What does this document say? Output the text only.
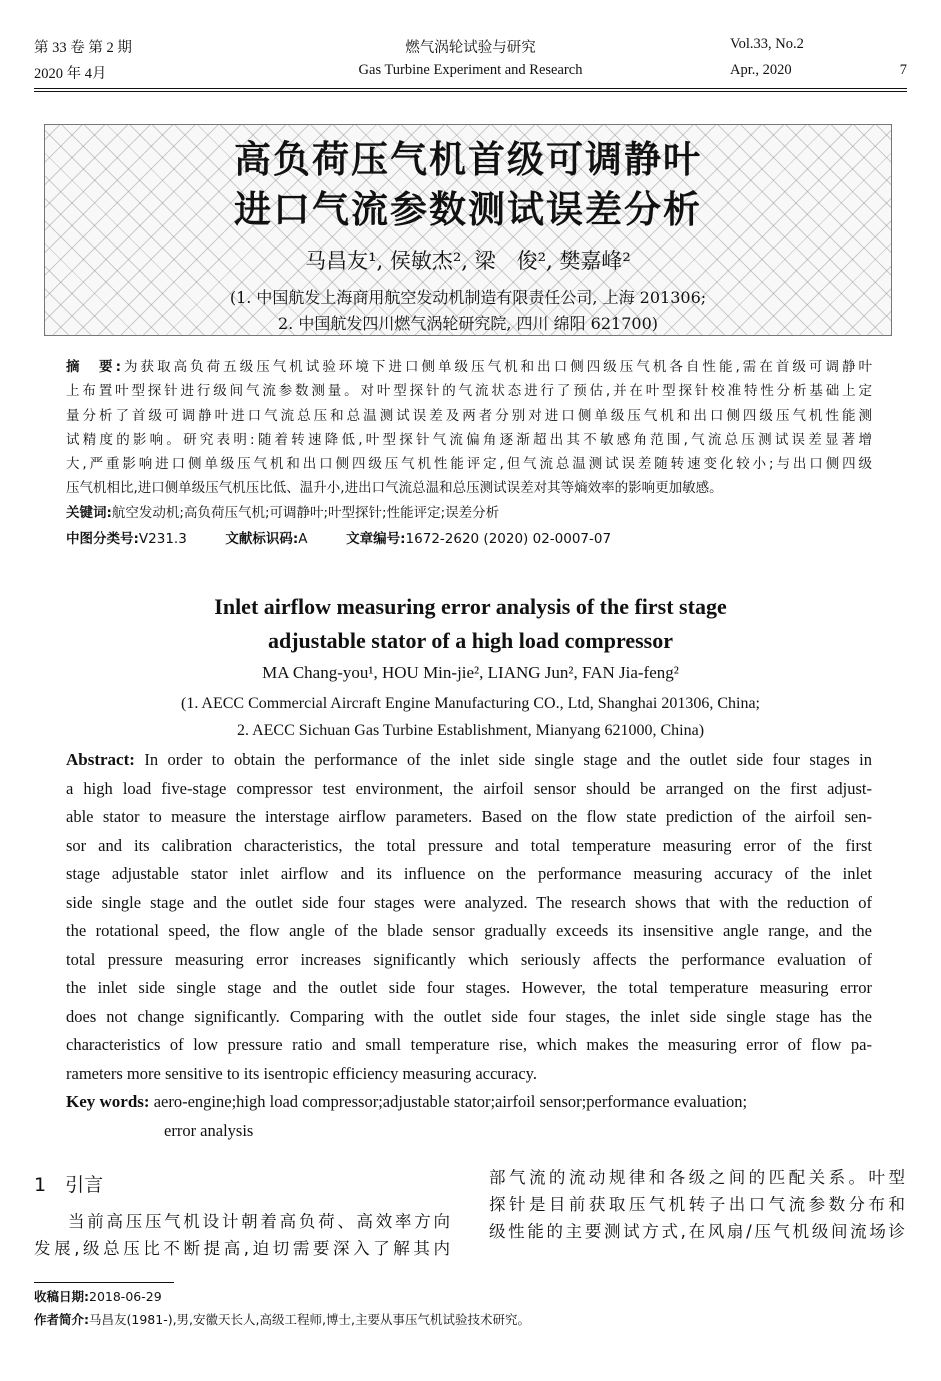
第 33 卷 第 2 期	燃气涡轮试验与研究	Vol.33, No.2
2020 年 4月	Gas Turbine Experiment and Research	Apr., 2020	7
高负荷压气机首级可调静叶
进口气流参数测试误差分析
马昌友¹, 侯敏杰², 梁　俊², 樊嘉峰²
(1. 中国航发上海商用航空发动机制造有限责任公司, 上海 201306;
2. 中国航发四川燃气涡轮研究院, 四川 绵阳 621700)
摘　要:为获取高负荷五级压气机试验环境下进口侧单级压气机和出口侧四级压气机各自性能,需在首级可调静叶
上布置叶型探针进行级间气流参数测量。对叶型探针的气流状态进行了预估,并在叶型探针校准特性分析基础上定
量分析了首级可调静叶进口气流总压和总温测试误差及两者分别对进口侧单级压气机和出口侧四级压气机性能测
试精度的影响。研究表明:随着转速降低,叶型探针气流偏角逐渐超出其不敏感角范围,气流总压测试误差显著增
大,严重影响进口侧单级压气机和出口侧四级压气机性能评定,但气流总温测试误差随转速变化较小;与出口侧四级
压气机相比,进口侧单级压气机压比低、温升小,进出口气流总温和总压测试误差对其等熵效率的影响更加敏感。
关键词:航空发动机;高负荷压气机;可调静叶;叶型探针;性能评定;误差分析
中图分类号:V231.3	文献标识码:A	文章编号:1672-2620 (2020) 02-0007-07
Inlet airflow measuring error analysis of the first stage
adjustable stator of a high load compressor
MA Chang-you¹, HOU Min-jie², LIANG Jun², FAN Jia-feng²
(1. AECC Commercial Aircraft Engine Manufacturing CO., Ltd, Shanghai 201306, China;
2. AECC Sichuan Gas Turbine Establishment, Mianyang 621000, China)
Abstract: In order to obtain the performance of the inlet side single stage and the outlet side four stages in
a high load five-stage compressor test environment, the airfoil sensor should be arranged on the first adjust-
able stator to measure the interstage airflow parameters. Based on the flow state prediction of the airfoil sen-
sor and its calibration characteristics, the total pressure and total temperature measuring error of the first
stage adjustable stator inlet airflow and its influence on the performance measuring accuracy of the inlet
side single stage and the outlet side four stages were analyzed. The research shows that with the reduction of
the rotational speed, the flow angle of the blade sensor gradually exceeds its insensitive angle range, and the
total pressure measuring error increases significantly which seriously affects the performance evaluation of
the inlet side single stage and the outlet side four stages. However, the total temperature measuring error
does not change significantly. Comparing with the outlet side four stages, the inlet side single stage has the
characteristics of low pressure ratio and small temperature rise, which makes the measuring error of flow pa-
rameters more sensitive to its isentropic efficiency measuring accuracy.
Key words: aero-engine;high load compressor;adjustable stator;airfoil sensor;performance evaluation;
error analysis
1　引言
当前高压压气机设计朝着高负荷、高效率方向
发展,级总压比不断提高,迫切需要深入了解其内
部气流的流动规律和各级之间的匹配关系。叶型
探针是目前获取压气机转子出口气流参数分布和
级性能的主要测试方式,在风扇/压气机级间流场诊
收稿日期:2018-06-29
作者简介:马昌友(1981-),男,安徽天长人,高级工程师,博士,主要从事压气机试验技术研究。
